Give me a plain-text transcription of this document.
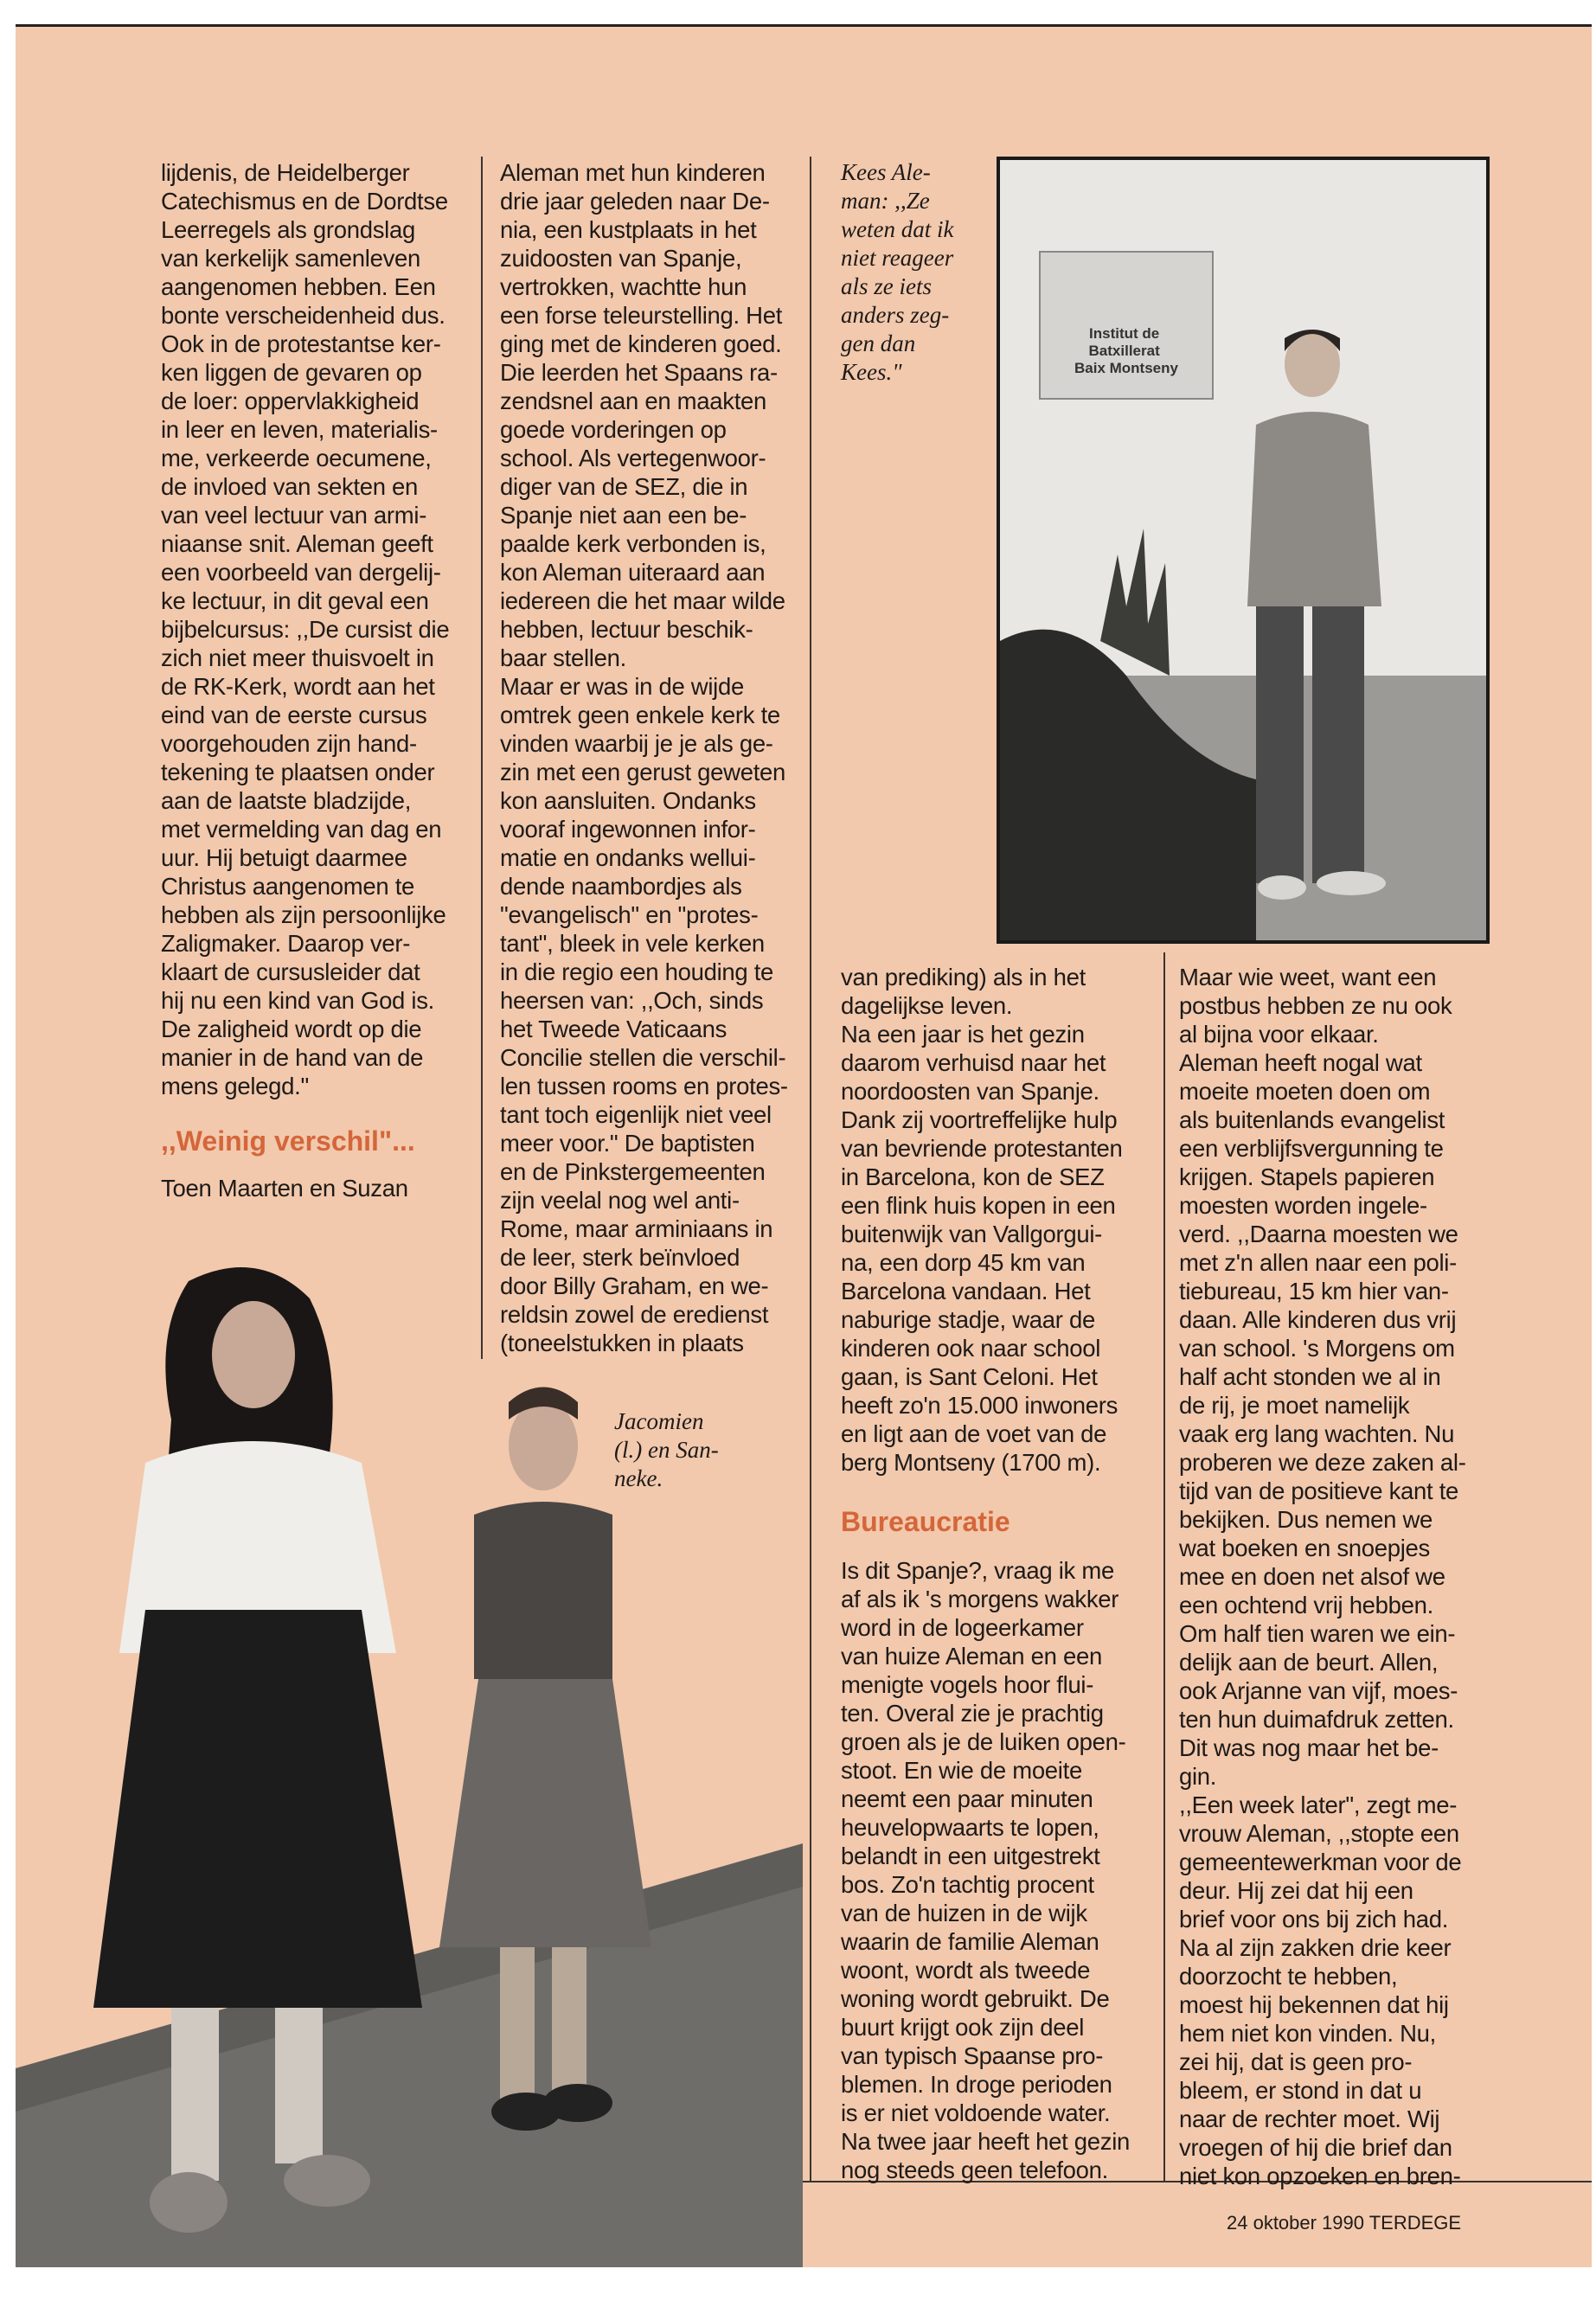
lijdenis, de Heidelberger
Catechismus en de Dordtse
Leerregels als grondslag
van kerkelijk samenleven
aangenomen hebben. Een
bonte verscheidenheid dus.
Ook in de protestantse ker-
ken liggen de gevaren op
de loer: oppervlakkigheid
in leer en leven, materialis-
me, verkeerde oecumene,
de invloed van sekten en
van veel lectuur van armi-
niaanse snit. Aleman geeft
een voorbeeld van dergelij-
ke lectuur, in dit geval een
bijbelcursus: ,,De cursist die
zich niet meer thuisvoelt in
de RK-Kerk, wordt aan het
eind van de eerste cursus
voorgehouden zijn hand-
tekening te plaatsen onder
aan de laatste bladzijde,
met vermelding van dag en
uur. Hij betuigt daarmee
Christus aangenomen te
hebben als zijn persoonlijke
Zaligmaker. Daarop ver-
klaart de cursusleider dat
hij nu een kind van God is.
De zaligheid wordt op die
manier in de hand van de
mens gelegd."
,,Weinig verschil"...
Toen Maarten en Suzan
Aleman met hun kinderen
drie jaar geleden naar De-
nia, een kustplaats in het
zuidoosten van Spanje,
vertrokken, wachtte hun
een forse teleurstelling. Het
ging met de kinderen goed.
Die leerden het Spaans ra-
zendsnel aan en maakten
goede vorderingen op
school. Als vertegenwoor-
diger van de SEZ, die in
Spanje niet aan een be-
paalde kerk verbonden is,
kon Aleman uiteraard aan
iedereen die het maar wilde
hebben, lectuur beschik-
baar stellen.
Maar er was in de wijde
omtrek geen enkele kerk te
vinden waarbij je je als ge-
zin met een gerust geweten
kon aansluiten. Ondanks
vooraf ingewonnen infor-
matie en ondanks wellui-
dende naambordjes als
"evangelisch" en "protes-
tant", bleek in vele kerken
in die regio een houding te
heersen van: ,,Och, sinds
het Tweede Vaticaans
Concilie stellen die verschil-
len tussen rooms en protes-
tant toch eigenlijk niet veel
meer voor." De baptisten
en de Pinkstergemeenten
zijn veelal nog wel anti-
Rome, maar arminiaans in
de leer, sterk beïnvloed
door Billy Graham, en we-
reldsin zowel de eredienst
(toneelstukken in plaats
Kees Ale-
man: ,,Ze
weten dat ik
niet reageer
als ze iets
anders zeg-
gen dan
Kees."
Institut de Batxillerat Baix Montseny
van prediking) als in het
dagelijkse leven.
Na een jaar is het gezin
daarom verhuisd naar het
noordoosten van Spanje.
Dank zij voortreffelijke hulp
van bevriende protestanten
in Barcelona, kon de SEZ
een flink huis kopen in een
buitenwijk van Vallgorgui-
na, een dorp 45 km van
Barcelona vandaan. Het
naburige stadje, waar de
kinderen ook naar school
gaan, is Sant Celoni. Het
heeft zo'n 15.000 inwoners
en ligt aan de voet van de
berg Montseny (1700 m).
Bureaucratie
Is dit Spanje?, vraag ik me
af als ik 's morgens wakker
word in de logeerkamer
van huize Aleman en een
menigte vogels hoor flui-
ten. Overal zie je prachtig
groen als je de luiken open-
stoot. En wie de moeite
neemt een paar minuten
heuvelopwaarts te lopen,
belandt in een uitgestrekt
bos. Zo'n tachtig procent
van de huizen in de wijk
waarin de familie Aleman
woont, wordt als tweede
woning wordt gebruikt. De
buurt krijgt ook zijn deel
van typisch Spaanse pro-
blemen. In droge perioden
is er niet voldoende water.
Na twee jaar heeft het gezin
nog steeds geen telefoon.
Maar wie weet, want een
postbus hebben ze nu ook
al bijna voor elkaar.
Aleman heeft nogal wat
moeite moeten doen om
als buitenlands evangelist
een verblijfsvergunning te
krijgen. Stapels papieren
moesten worden ingele-
verd. ,,Daarna moesten we
met z'n allen naar een poli-
tiebureau, 15 km hier van-
daan. Alle kinderen dus vrij
van school. 's Morgens om
half acht stonden we al in
de rij, je moet namelijk
vaak erg lang wachten. Nu
proberen we deze zaken al-
tijd van de positieve kant te
bekijken. Dus nemen we
wat boeken en snoepjes
mee en doen net alsof we
een ochtend vrij hebben.
Om half tien waren we ein-
delijk aan de beurt. Allen,
ook Arjanne van vijf, moes-
ten hun duimafdruk zetten.
Dit was nog maar het be-
gin.
,,Een week later", zegt me-
vrouw Aleman, ,,stopte een
gemeentewerkman voor de
deur. Hij zei dat hij een
brief voor ons bij zich had.
Na al zijn zakken drie keer
doorzocht te hebben,
moest hij bekennen dat hij
hem niet kon vinden. Nu,
zei hij, dat is geen pro-
bleem, er stond in dat u
naar de rechter moet. Wij
vroegen of hij die brief dan
niet kon opzoeken en bren-
Jacomien
(l.) en San-
neke.
24 oktober 1990 TERDEGE
